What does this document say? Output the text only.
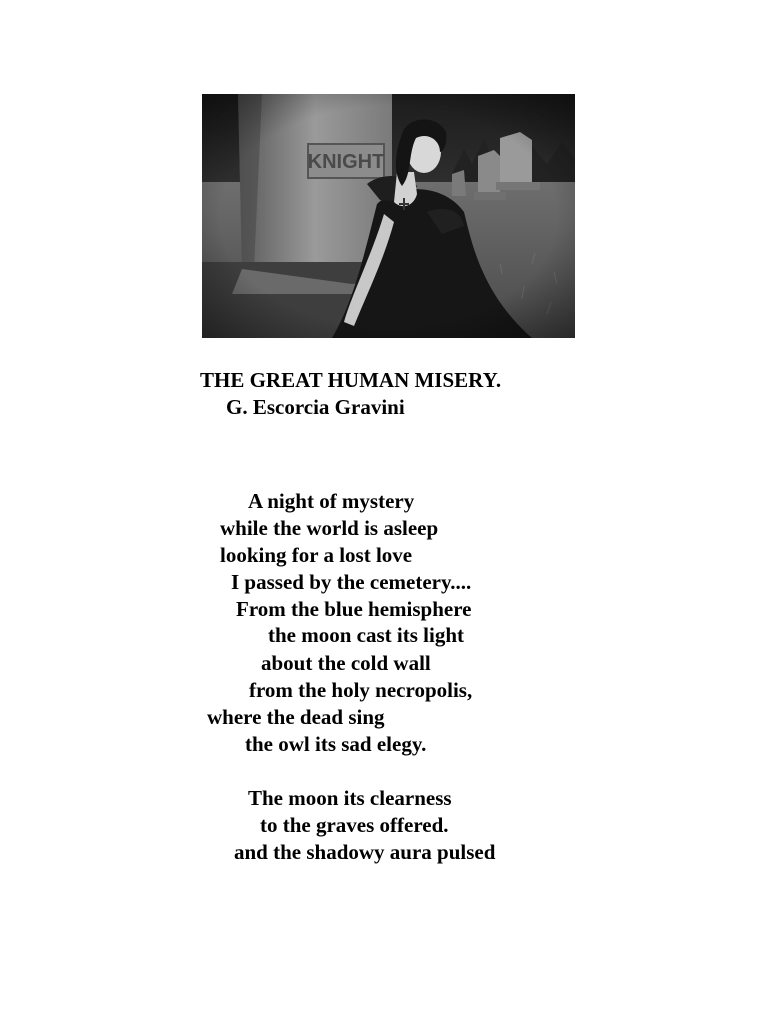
THE GREAT HUMAN MISERY.
G. Escorcia Gravini

A night of mystery

while the world is asleep

looking for a lost love

I passed by the cemetery....

From the blue hemisphere

the moon cast its light

about the cold wall

from the holy necropolis,

where the dead sing

the owl its sad elegy.

The moon its clearness

to the graves offered.

and the shadowy aura pulsed
